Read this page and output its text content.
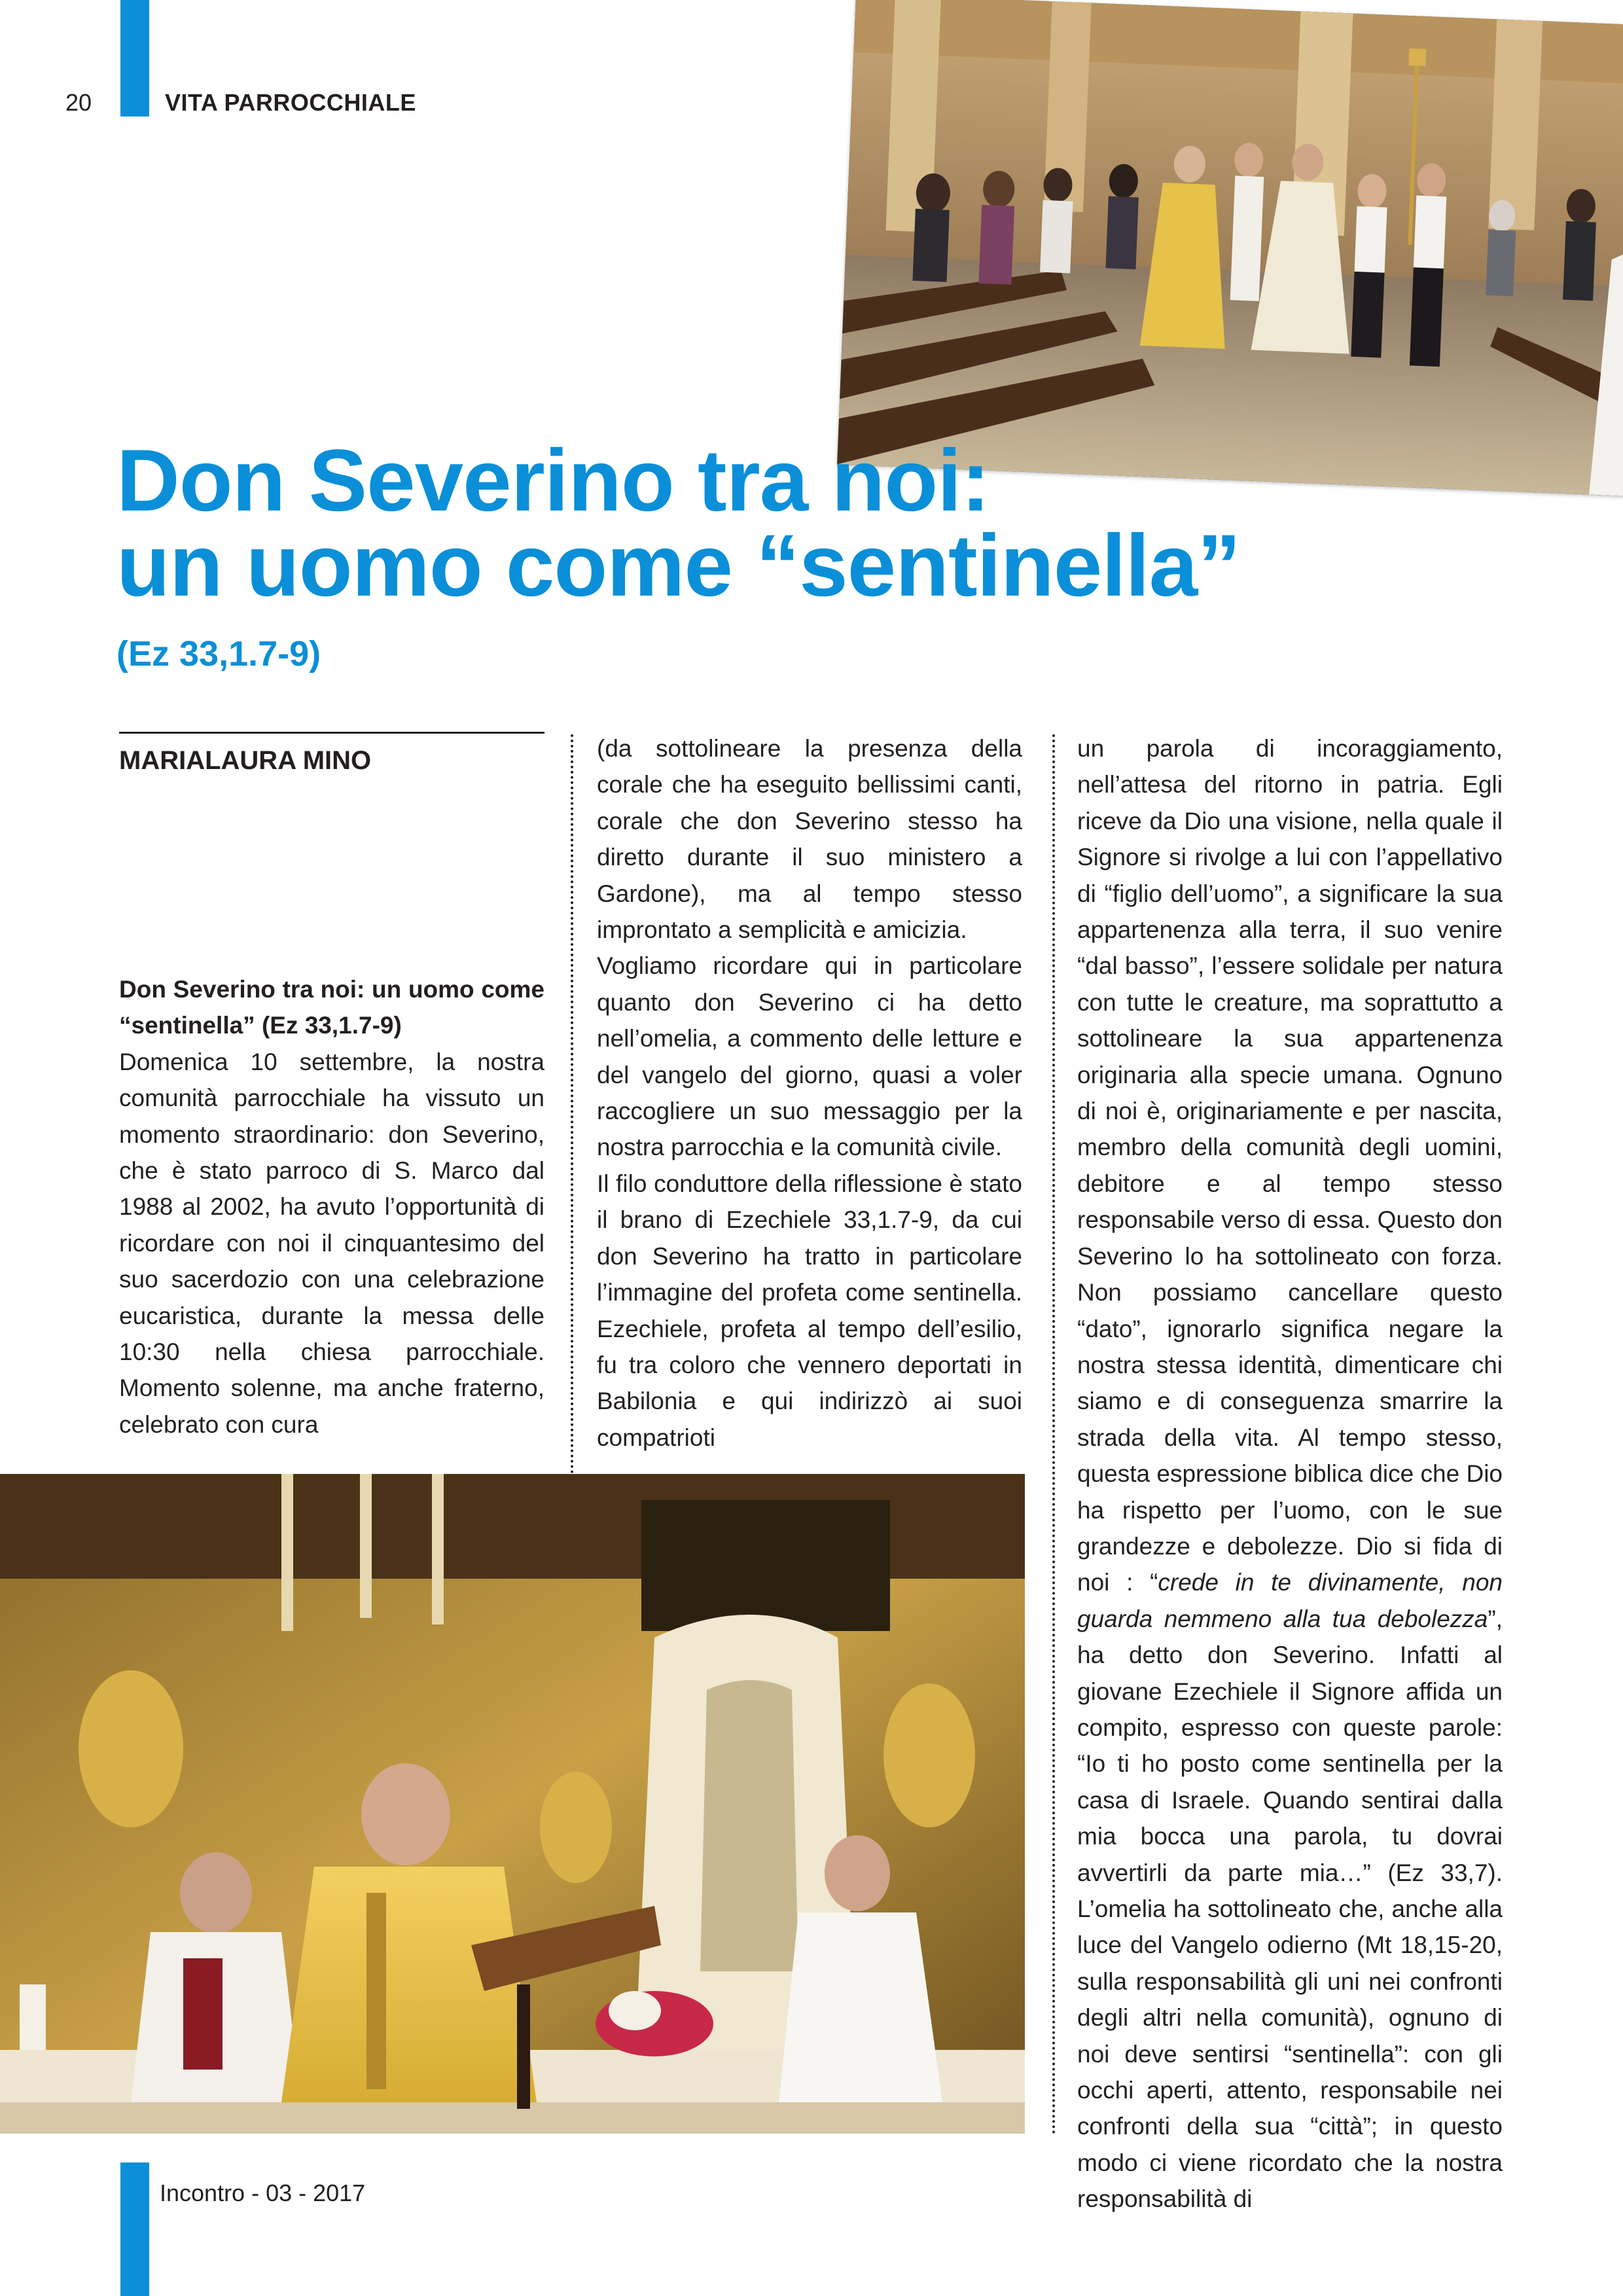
20	VITA PARROCCHIALE
Don Severino tra noi:
un uomo come “sentinella”
(Ez 33,1.7-9)
MARIALAURA MINO

Don Severino tra noi: un uomo come “sentinella” (Ez 33,1.7-9)

Domenica 10 settembre, la nostra comunità parrocchiale ha vissuto un momento straordinario: don Severino, che è stato parroco di S. Marco dal 1988 al 2002, ha avuto l’opportunità di ricordare con noi il cinquantesimo del suo sacerdozio con una celebrazione eucaristica, durante la messa delle 10:30 nella chiesa parrocchiale. Momento solenne, ma anche fraterno, celebrato con cura

(da sottolineare la presenza della corale che ha eseguito bellissimi canti, corale che don Severino stesso ha diretto durante il suo ministero a Gardone), ma al tempo stesso improntato a semplicità e amicizia.

Vogliamo ricordare qui in particolare quanto don Severino ci ha detto nell’omelia, a commento delle letture e del vangelo del giorno, quasi a voler raccogliere un suo messaggio per la nostra parrocchia e la comunità civile.

Il filo conduttore della riflessione è stato il brano di Ezechiele 33,1.7-9, da cui don Severino ha tratto in particolare l’immagine del profeta come sentinella. Ezechiele, profeta al tempo dell’esilio, fu tra coloro che vennero deportati in Babilonia e qui indirizzò ai suoi compatrioti

un parola di incoraggiamento, nell’attesa del ritorno in patria. Egli riceve da Dio una visione, nella quale il Signore si rivolge a lui con l’appellativo di “figlio dell’uomo”, a significare la sua appartenenza alla terra, il suo venire “dal basso”, l’essere solidale per natura con tutte le creature, ma soprattutto a sottolineare la sua appartenenza originaria alla specie umana. Ognuno di noi è, originariamente e per nascita, membro della comunità degli uomini, debitore e al tempo stesso responsabile verso di essa. Questo don Severino lo ha sottolineato con forza. Non possiamo cancellare questo “dato”, ignorarlo significa negare la nostra stessa identità, dimenticare chi siamo e di conseguenza smarrire la strada della vita. Al tempo stesso, questa espressione biblica dice che Dio ha rispetto per l’uomo, con le sue grandezze e debolezze. Dio si fida di noi : “crede in te divinamente, non guarda nemmeno alla tua debolezza”, ha detto don Severino. Infatti al giovane Ezechiele il Signore affida un compito, espresso con queste parole: “Io ti ho posto come sentinella per la casa di Israele. Quando sentirai dalla mia bocca una parola, tu dovrai avvertirli da parte mia…” (Ez 33,7). L’omelia ha sottolineato che, anche alla luce del Vangelo odierno (Mt 18,15-20, sulla responsabilità gli uni nei confronti degli altri nella comunità), ognuno di noi deve sentirsi “sentinella”: con gli occhi aperti, attento, responsabile nei confronti della sua “città”; in questo modo ci viene ricordato che la nostra responsabilità di

Incontro - 03 - 2017
